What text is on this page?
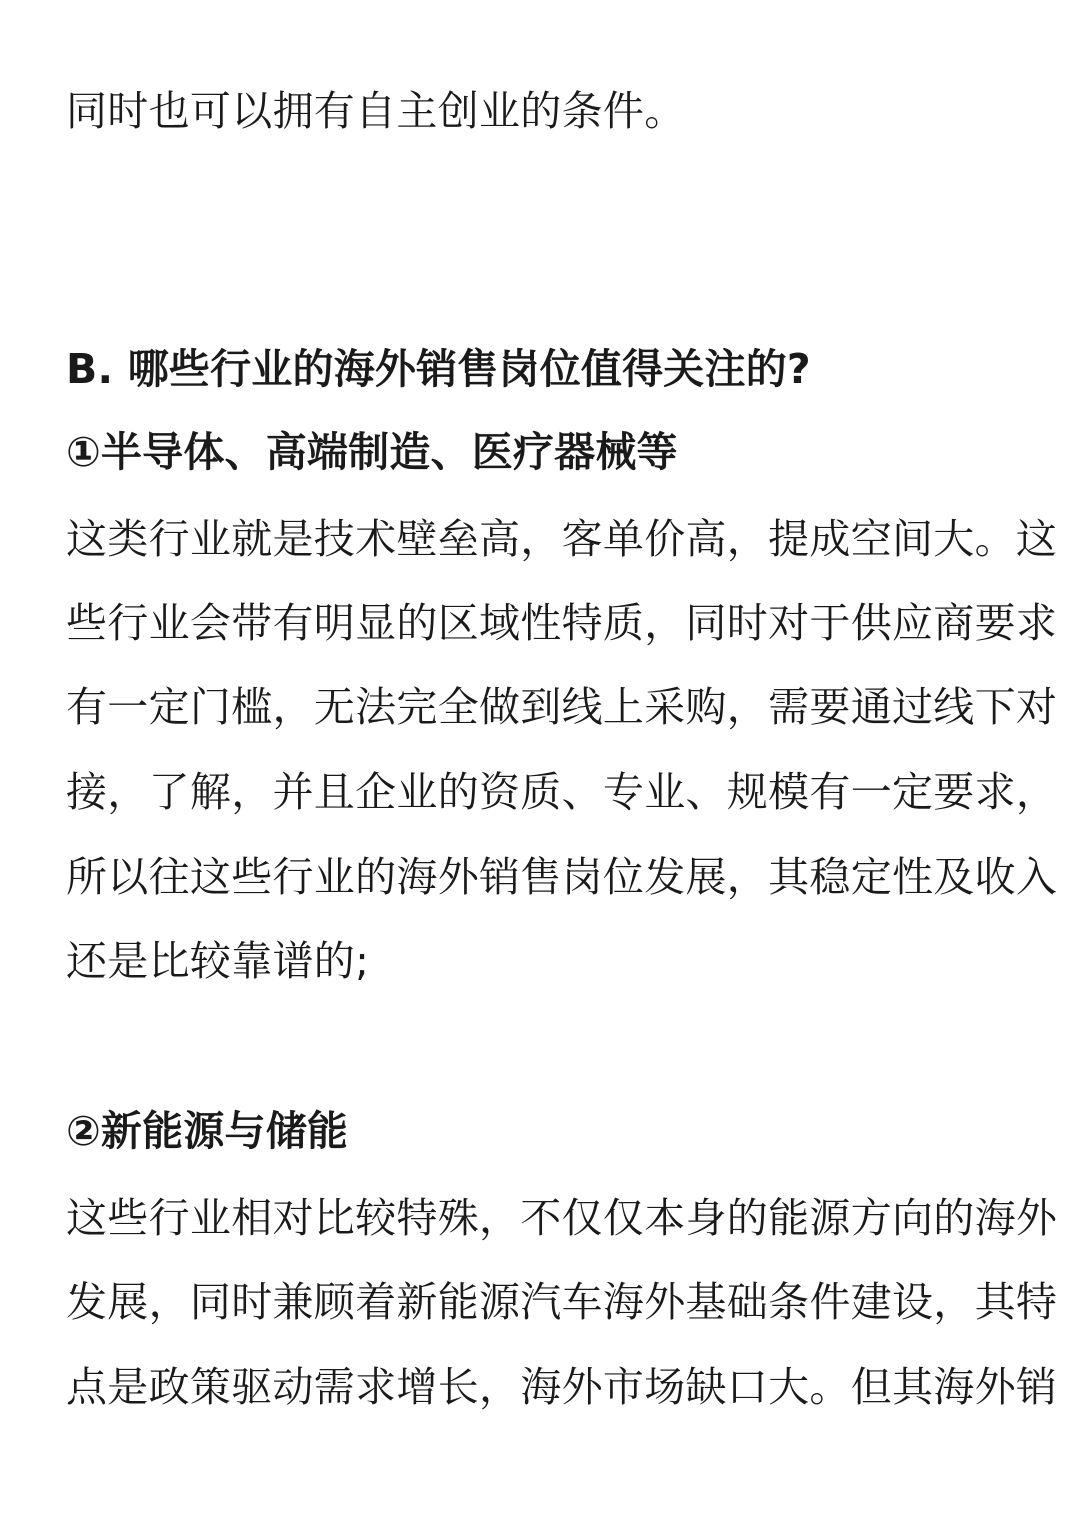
同时也可以拥有自主创业的条件。
B. 哪些行业的海外销售岗位值得关注的?
①半导体、高端制造、医疗器械等
这类行业就是技术壁垒高，客单价高，提成空间大。这
些行业会带有明显的区域性特质，同时对于供应商要求
有一定门槛，无法完全做到线上采购，需要通过线下对
接，了解，并且企业的资质、专业、规模有一定要求，
所以往这些行业的海外销售岗位发展，其稳定性及收入
还是比较靠谱的;
②新能源与储能
这些行业相对比较特殊，不仅仅本身的能源方向的海外
发展，同时兼顾着新能源汽车海外基础条件建设，其特
点是政策驱动需求增长，海外市场缺口大。但其海外销
